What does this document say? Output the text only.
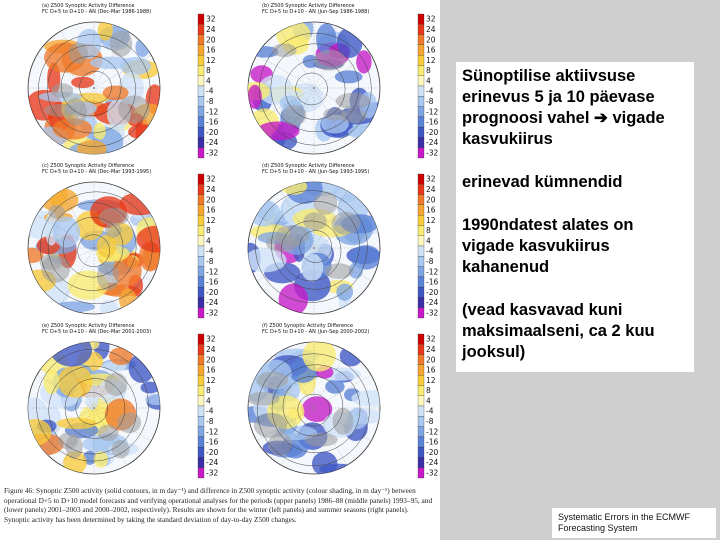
(a) Z500 Synoptic Activity Difference
FC D+5 to D+10 - AN (Dec-Mar 1986-1988)
32
24
20
16
12
8
4
-4
-8
-12
-16
-20
-24
-32
(b) Z500 Synoptic Activity Difference
FC D+5 to D+10 - AN (Jun-Sep 1986-1988)
32
24
20
16
12
8
4
-4
-8
-12
-16
-20
-24
-32
(c) Z500 Synoptic Activity Difference
FC D+5 to D+10 - AN (Dec-Mar 1993-1995)
32
24
20
16
12
8
4
-4
-8
-12
-16
-20
-24
-32
(d) Z500 Synoptic Activity Difference
FC D+5 to D+10 - AN (Jun-Sep 1993-1995)
32
24
20
16
12
8
4
-4
-8
-12
-16
-20
-24
-32
(e) Z500 Synoptic Activity Difference
FC D+5 to D+10 - AN (Dec-Mar 2001-2003)
32
24
20
16
12
8
4
-4
-8
-12
-16
-20
-24
-32
(f) Z500 Synoptic Activity Difference
FC D+5 to D+10 - AN (Jun-Sep 2000-2002)
32
24
20
16
12
8
4
-4
-8
-12
-16
-20
-24
-32
Figure 46: Synoptic Z500 activity (solid contours, in m day⁻¹) and difference in Z500 synoptic activity (colour shading, in m day⁻¹) between operational D+5 to D+10 model forecasts and verifying operational analyses for the periods (upper panels) 1986–88 (middle panels) 1993–95, and (lower panels) 2001–2003 and 2000–2002, respectively). Results are shown for the winter (left panels) and summer seasons (right panels). Synoptic activity has been determined by taking the standard deviation of day-to-day Z500 changes.

Sünoptilise aktiivsuse erinevus 5 ja 10 päevase prognoosi vahel ➔ vigade kasvukiirus

erinevad kümnendid

1990ndatest alates on vigade kasvukiirus kahanenud

(vead kasvavad kuni maksimaalseni, ca 2 kuu jooksul)

Systematic Errors in the ECMWF
Forecasting System
